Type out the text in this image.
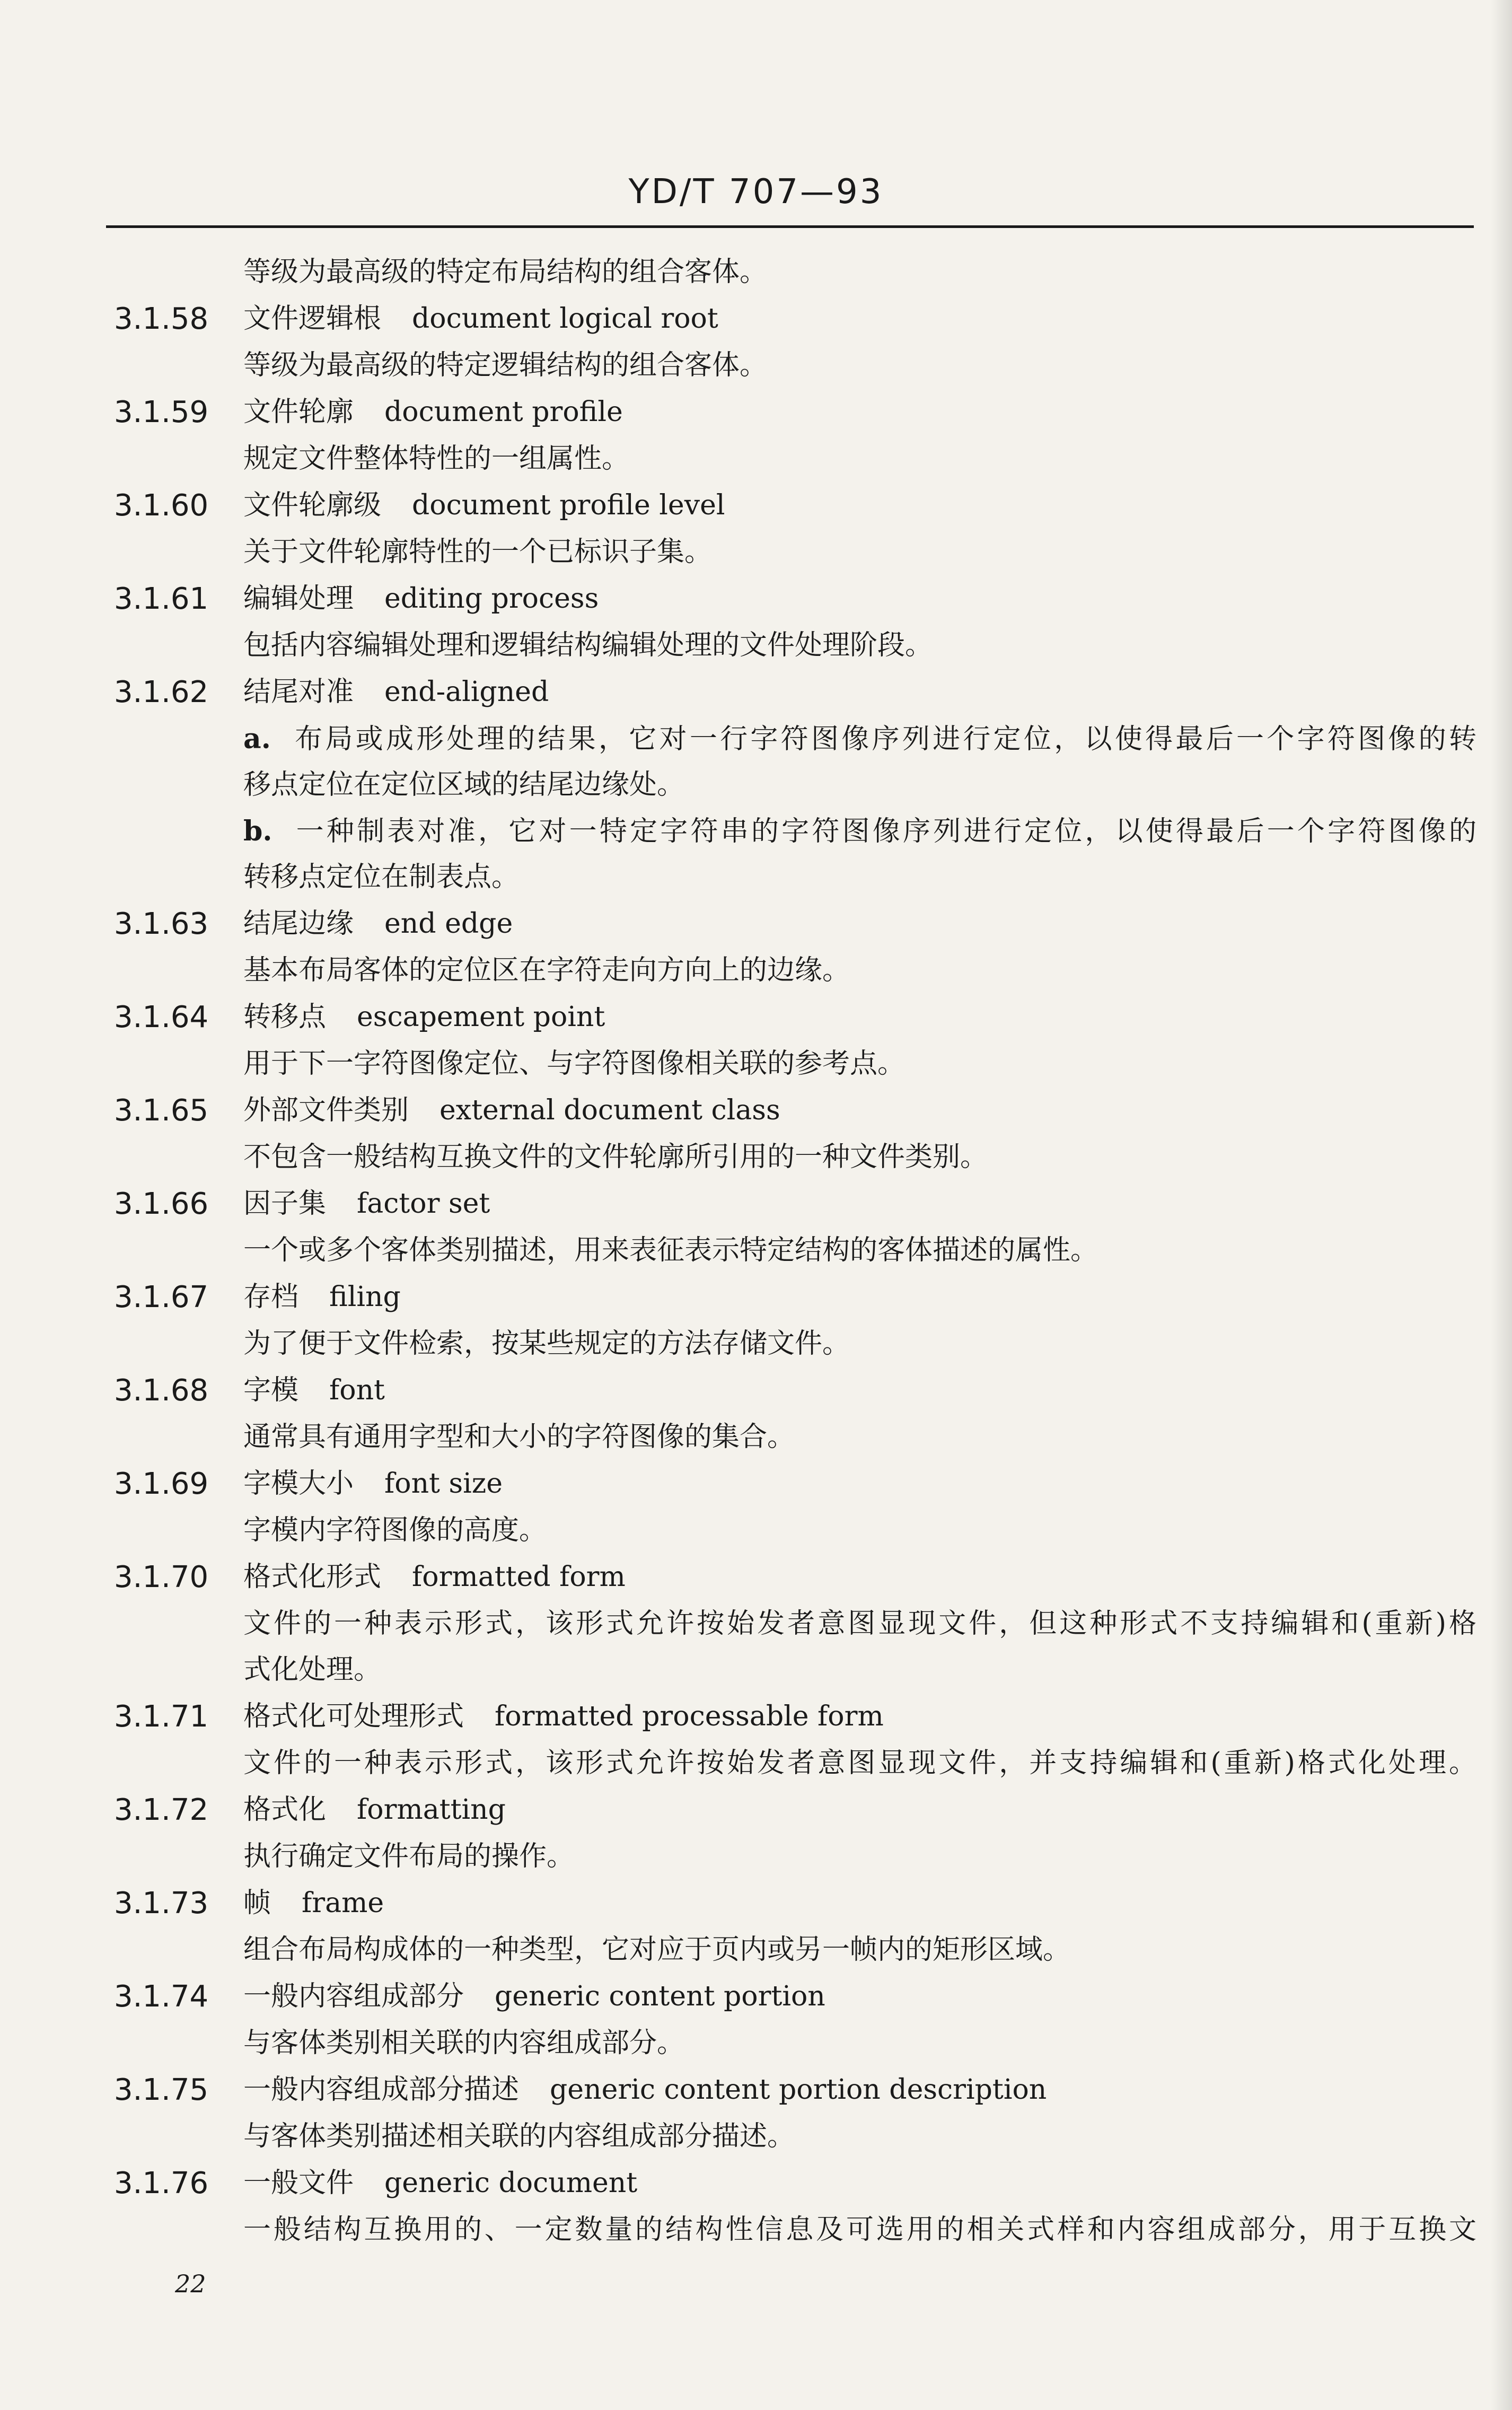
YD/T 707—93
等级为最高级的特定布局结构的组合客体。
3.1.58 文件逻辑根 document logical root
等级为最高级的特定逻辑结构的组合客体。
3.1.59 文件轮廓 document profile
规定文件整体特性的一组属性。
3.1.60 文件轮廓级 document profile level
关于文件轮廓特性的一个已标识子集。
3.1.61 编辑处理 editing process
包括内容编辑处理和逻辑结构编辑处理的文件处理阶段。
3.1.62 结尾对准 end-aligned
a. 布局或成形处理的结果，它对一行字符图像序列进行定位，以使得最后一个字符图像的转
移点定位在定位区域的结尾边缘处。
b. 一种制表对准，它对一特定字符串的字符图像序列进行定位，以使得最后一个字符图像的
转移点定位在制表点。
3.1.63 结尾边缘 end edge
基本布局客体的定位区在字符走向方向上的边缘。
3.1.64 转移点 escapement point
用于下一字符图像定位、与字符图像相关联的参考点。
3.1.65 外部文件类别 external document class
不包含一般结构互换文件的文件轮廓所引用的一种文件类别。
3.1.66 因子集 factor set
一个或多个客体类别描述，用来表征表示特定结构的客体描述的属性。
3.1.67 存档 filing
为了便于文件检索，按某些规定的方法存储文件。
3.1.68 字模 font
通常具有通用字型和大小的字符图像的集合。
3.1.69 字模大小 font size
字模内字符图像的高度。
3.1.70 格式化形式 formatted form
文件的一种表示形式，该形式允许按始发者意图显现文件，但这种形式不支持编辑和(重新)格
式化处理。
3.1.71 格式化可处理形式 formatted processable form
文件的一种表示形式，该形式允许按始发者意图显现文件，并支持编辑和(重新)格式化处理。
3.1.72 格式化 formatting
执行确定文件布局的操作。
3.1.73 帧 frame
组合布局构成体的一种类型，它对应于页内或另一帧内的矩形区域。
3.1.74 一般内容组成部分 generic content portion
与客体类别相关联的内容组成部分。
3.1.75 一般内容组成部分描述 generic content portion description
与客体类别描述相关联的内容组成部分描述。
3.1.76 一般文件 generic document
一般结构互换用的、一定数量的结构性信息及可选用的相关式样和内容组成部分，用于互换文
22
